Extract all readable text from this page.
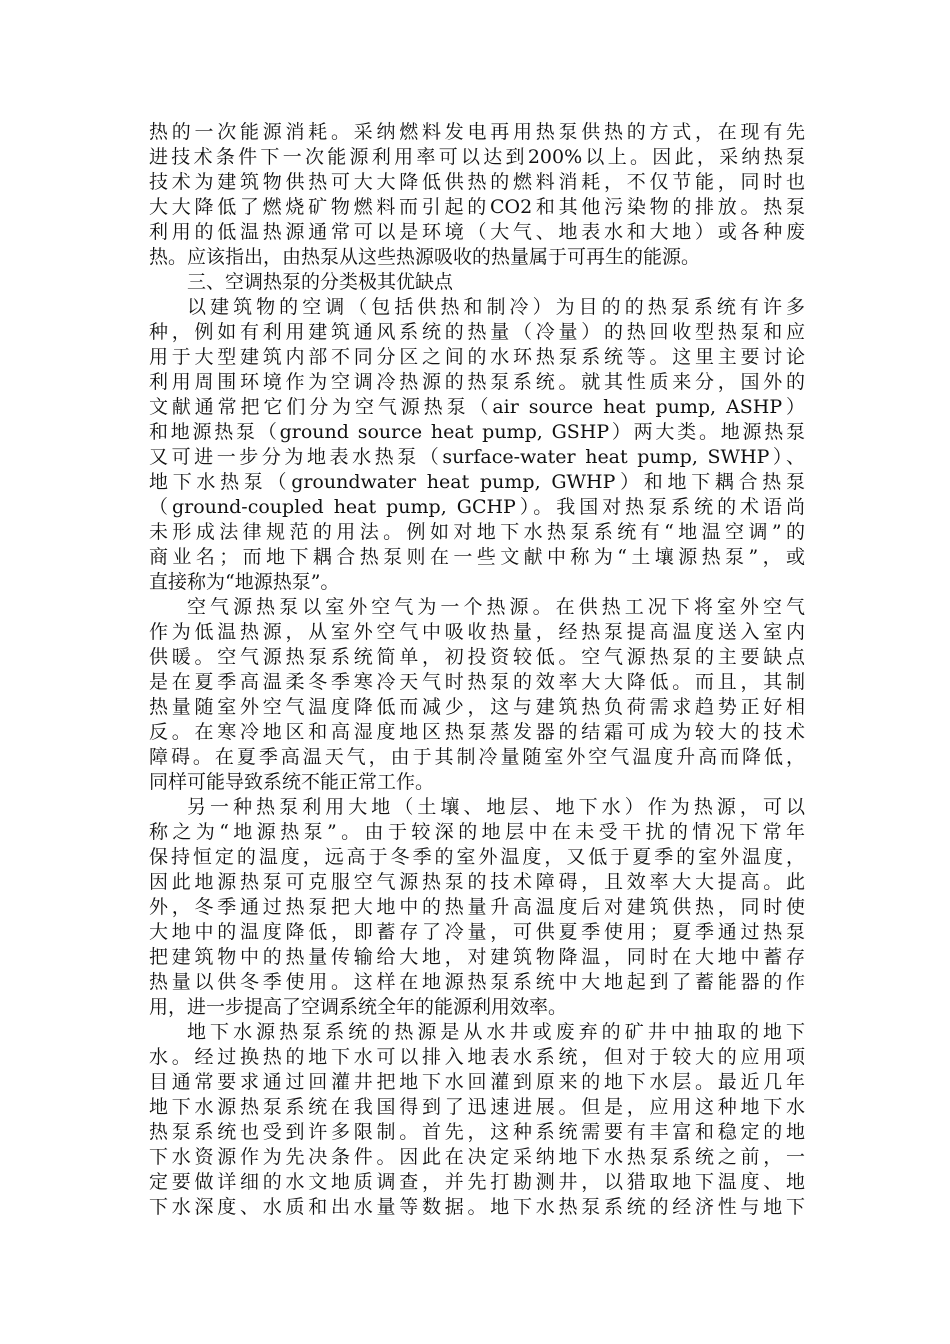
热的一次能源消耗。采纳燃料发电再用热泵供热的方式，在现有先
进技术条件下一次能源利用率可以达到200%以上。因此，采纳热泵
技术为建筑物供热可大大降低供热的燃料消耗，不仅节能，同时也
大大降低了燃烧矿物燃料而引起的CO2和其他污染物的排放。热泵
利用的低温热源通常可以是环境（大气、地表水和大地）或各种废
热。应该指出，由热泵从这些热源吸收的热量属于可再生的能源。
三、空调热泵的分类极其优缺点
以建筑物的空调（包括供热和制冷）为目的的热泵系统有许多
种，例如有利用建筑通风系统的热量（冷量）的热回收型热泵和应
用于大型建筑内部不同分区之间的水环热泵系统等。这里主要讨论
利用周围环境作为空调冷热源的热泵系统。就其性质来分，国外的
文献通常把它们分为空气源热泵（air source heat pump, ASHP）
和地源热泵（ground source heat pump, GSHP）两大类。地源热泵
又可进一步分为地表水热泵（surface-water heat pump, SWHP）、
地下水热泵（groundwater heat pump, GWHP）和地下耦合热泵
（ground-coupled heat pump, GCHP）。我国对热泵系统的术语尚
未形成法律规范的用法。例如对地下水热泵系统有“地温空调”的
商业名；而地下耦合热泵则在一些文献中称为“土壤源热泵”，或
直接称为“地源热泵”。
空气源热泵以室外空气为一个热源。在供热工况下将室外空气
作为低温热源，从室外空气中吸收热量，经热泵提高温度送入室内
供暖。空气源热泵系统简单，初投资较低。空气源热泵的主要缺点
是在夏季高温柔冬季寒冷天气时热泵的效率大大降低。而且，其制
热量随室外空气温度降低而减少，这与建筑热负荷需求趋势正好相
反。在寒冷地区和高湿度地区热泵蒸发器的结霜可成为较大的技术
障碍。在夏季高温天气，由于其制冷量随室外空气温度升高而降低，
同样可能导致系统不能正常工作。
另一种热泵利用大地（土壤、地层、地下水）作为热源，可以
称之为“地源热泵”。由于较深的地层中在未受干扰的情况下常年
保持恒定的温度，远高于冬季的室外温度，又低于夏季的室外温度，
因此地源热泵可克服空气源热泵的技术障碍，且效率大大提高。此
外，冬季通过热泵把大地中的热量升高温度后对建筑供热，同时使
大地中的温度降低，即蓄存了冷量，可供夏季使用；夏季通过热泵
把建筑物中的热量传输给大地，对建筑物降温，同时在大地中蓄存
热量以供冬季使用。这样在地源热泵系统中大地起到了蓄能器的作
用，进一步提高了空调系统全年的能源利用效率。
地下水源热泵系统的热源是从水井或废弃的矿井中抽取的地下
水。经过换热的地下水可以排入地表水系统，但对于较大的应用项
目通常要求通过回灌井把地下水回灌到原来的地下水层。最近几年
地下水源热泵系统在我国得到了迅速进展。但是，应用这种地下水
热泵系统也受到许多限制。首先，这种系统需要有丰富和稳定的地
下水资源作为先决条件。因此在决定采纳地下水热泵系统之前，一
定要做详细的水文地质调查，并先打勘测井，以猎取地下温度、地
下水深度、水质和出水量等数据。地下水热泵系统的经济性与地下
